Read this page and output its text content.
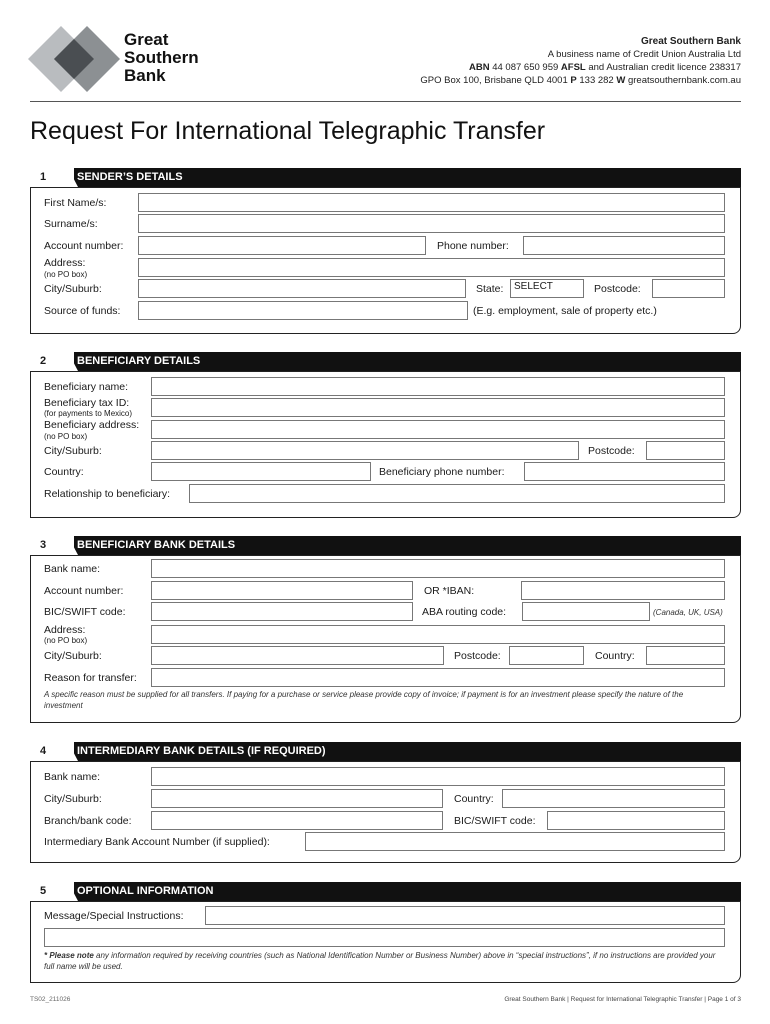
Great
Southern
Bank
Great Southern Bank
A business name of Credit Union Australia Ltd
ABN 44 087 650 959 AFSL and Australian credit licence 238317
GPO Box 100, Brisbane QLD 4001 P 133 282 W greatsouthernbank.com.au
Request For International Telegraphic Transfer
1	SENDER’S DETAILS
First Name/s:
Surname/s:
Account number:	Phone number:
Address:
(no PO box)
City/Suburb:	State:	SELECT	Postcode:
Source of funds:	(E.g. employment, sale of property etc.)
2	BENEFICIARY DETAILS
Beneficiary name:
Beneficiary tax ID:
(for payments to Mexico)
Beneficiary address:
(no PO box)
City/Suburb:	Postcode:
Country:	Beneficiary phone number:
Relationship to beneficiary:
3	BENEFICIARY BANK DETAILS
Bank name:
Account number:	OR *IBAN:
BIC/SWIFT code:	ABA routing code:	(Canada, UK, USA)
Address:
(no PO box)
City/Suburb:	Postcode:	Country:
Reason for transfer:
A specific reason must be supplied for all transfers. If paying for a purchase or service please provide copy of invoice; if payment is for an investment please specify the nature of the investment
4	INTERMEDIARY BANK DETAILS (IF REQUIRED)
Bank name:
City/Suburb:	Country:
Branch/bank code:	BIC/SWIFT code:
Intermediary Bank Account Number (if supplied):
5	OPTIONAL INFORMATION
Message/Special Instructions:
* Please note any information required by receiving countries (such as National Identification Number or Business Number) above in “special instructions”, if no instructions are provided your full name will be used.
TS02_211026	Great Southern Bank | Request for International Telegraphic Transfer | Page 1 of 3
